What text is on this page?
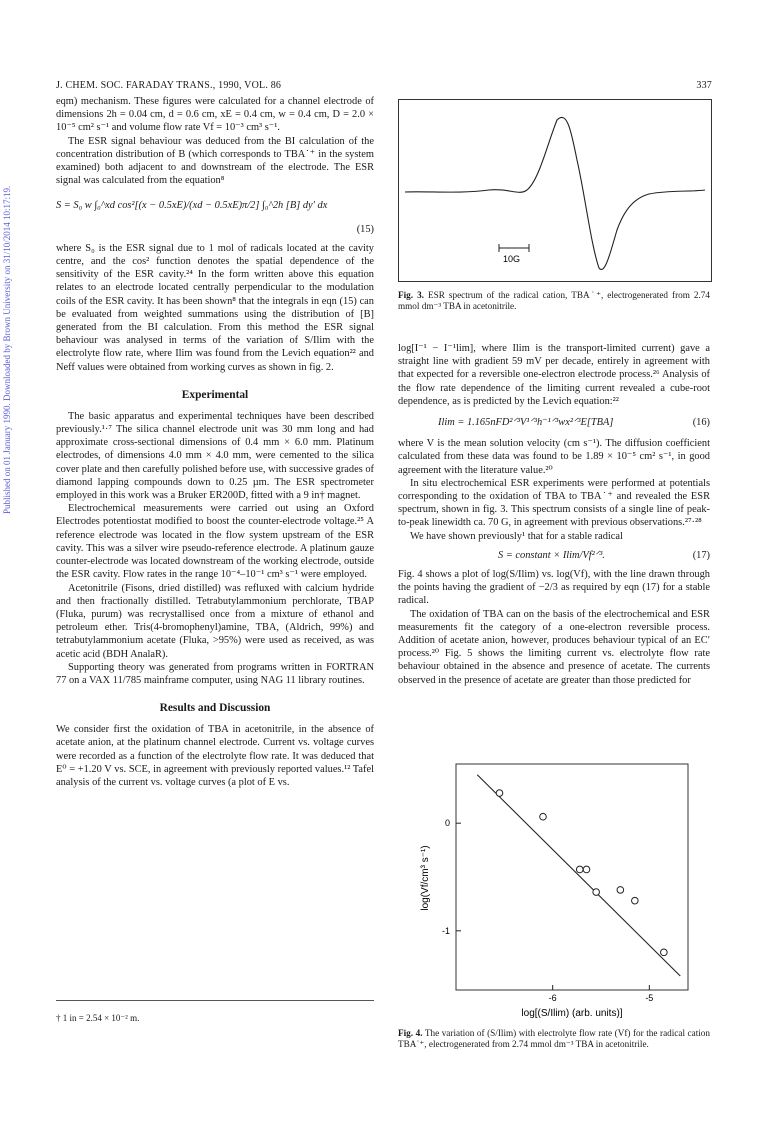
Published on 01 January 1990. Downloaded by Brown University on 31/10/2014 10:17:19.
J. CHEM. SOC. FARADAY TRANS., 1990, VOL. 86	337

eqm) mechanism. These figures were calculated for a channel electrode of dimensions 2h = 0.04 cm, d = 0.6 cm, xE = 0.4 cm, w = 0.4 cm, D = 2.0 × 10⁻⁵ cm² s⁻¹ and volume flow rate Vf = 10⁻³ cm³ s⁻¹.

The ESR signal behaviour was deduced from the BI calculation of the concentration distribution of B (which corresponds to TBA˙⁺ in the system examined) both adjacent to and downstream of the electrode. The ESR signal was calculated from the equation⁸

S = S₀ w ∫₀^xd cos²[(x − 0.5xE)/(xd − 0.5xE)π/2] ∫₀^2h [B] dy′ dx
(15)

where S₀ is the ESR signal due to 1 mol of radicals located at the cavity centre, and the cos² function denotes the spatial dependence of the sensitivity of the ESR cavity.²⁴ In the form written above this equation relates to an electrode located centrally perpendicular to the modulation coils of the ESR cavity. It has been shown⁸ that the integrals in eqn (15) can be evaluated from weighted summations using the distribution of [B] generated from the BI calculation. From this method the ESR signal behaviour was analysed in terms of the variation of S/Ilim with the electrolyte flow rate, where Ilim was found from the Levich equation²² and Neff values were obtained from working curves as shown in fig. 2.

Experimental

The basic apparatus and experimental techniques have been described previously.¹·⁷ The silica channel electrode unit was 30 mm long and had approximate cross-sectional dimensions of 0.4 mm × 6.0 mm. Platinum electrodes, of dimensions 4.0 mm × 4.0 mm, were cemented to the silica cover plate and then carefully polished before use, with successive grades of diamond lapping compounds down to 0.25 µm. The ESR spectrometer employed in this work was a Bruker ER200D, fitted with a 9 in† magnet.

Electrochemical measurements were carried out using an Oxford Electrodes potentiostat modified to boost the counter-electrode voltage.²⁵ A reference electrode was located in the flow system upstream of the ESR cavity. This was a silver wire pseudo-reference electrode. A platinum gauze counter-electrode was located downstream of the working electrode, outside the ESR cavity. Flow rates in the range 10⁻⁴–10⁻¹ cm³ s⁻¹ were employed.

Acetonitrile (Fisons, dried distilled) was refluxed with calcium hydride and then fractionally distilled. Tetrabutylammonium perchlorate, TBAP (Fluka, purum) was recrystallised once from a mixture of ethanol and petroleum ether. Tris(4-bromophenyl)amine, TBA, (Aldrich, 99%) and tetrabutylammonium acetate (Fluka, >95%) were used as received, as was acetic acid (BDH AnalaR).

Supporting theory was generated from programs written in FORTRAN 77 on a VAX 11/785 mainframe computer, using NAG 11 library routines.

Results and Discussion

We consider first the oxidation of TBA in acetonitrile, in the absence of acetate anion, at the platinum channel electrode. Current vs. voltage curves were recorded as a function of the electrolyte flow rate. It was deduced that E⁰ = +1.20 V vs. SCE, in agreement with previously reported values.¹² Tafel analysis of the current vs. voltage curves (a plot of E vs.

† 1 in = 2.54 × 10⁻² m.
10G
Fig. 3. ESR spectrum of the radical cation, TBA˙⁺, electrogenerated from 2.74 mmol dm⁻³ TBA in acetonitrile.

log[I⁻¹ − I⁻¹lim], where Ilim is the transport-limited current) gave a straight line with gradient 59 mV per decade, entirely in agreement with that expected for a reversible one-electron electrode process.²⁶ Analysis of the flow rate dependence of the limiting current revealed a cube-root dependence, as is predicted by the Levich equation:²²

Ilim = 1.165nFD²ᐟ³V¹ᐟ³h⁻¹ᐟ³wx²ᐟ³E[TBA]	(16)

where V is the mean solution velocity (cm s⁻¹). The diffusion coefficient calculated from these data was found to be 1.89 × 10⁻⁵ cm² s⁻¹, in good agreement with the literature value.²⁰

In situ electrochemical ESR experiments were performed at potentials corresponding to the oxidation of TBA to TBA˙⁺ and revealed the ESR spectrum, shown in fig. 3. This spectrum consists of a single line of peak-to-peak linewidth ca. 70 G, in agreement with previous observations.²⁷·²⁸

We have shown previously¹ that for a stable radical

S = constant × Ilim/Vf²ᐟ³.	(17)

Fig. 4 shows a plot of log(S/Ilim) vs. log(Vf), with the line drawn through the points having the gradient of −2/3 as required by eqn (17) for a stable radical.

The oxidation of TBA can on the basis of the electrochemical and ESR measurements fit the category of a one-electron reversible process. Addition of acetate anion, however, produces behaviour typical of an EC′ process.²⁰ Fig. 5 shows the limiting current vs. electrolyte flow rate behaviour obtained in the absence and presence of acetate. The currents observed in the presence of acetate are greater than those predicted for

-6	-5
0
-1
log[(S/Ilim) (arb. units)]
log(Vf/cm³ s⁻¹)
Fig. 4. The variation of (S/Ilim) with electrolyte flow rate (Vf) for the radical cation TBA˙⁺, electrogenerated from 2.74 mmol dm⁻³ TBA in acetonitrile.
